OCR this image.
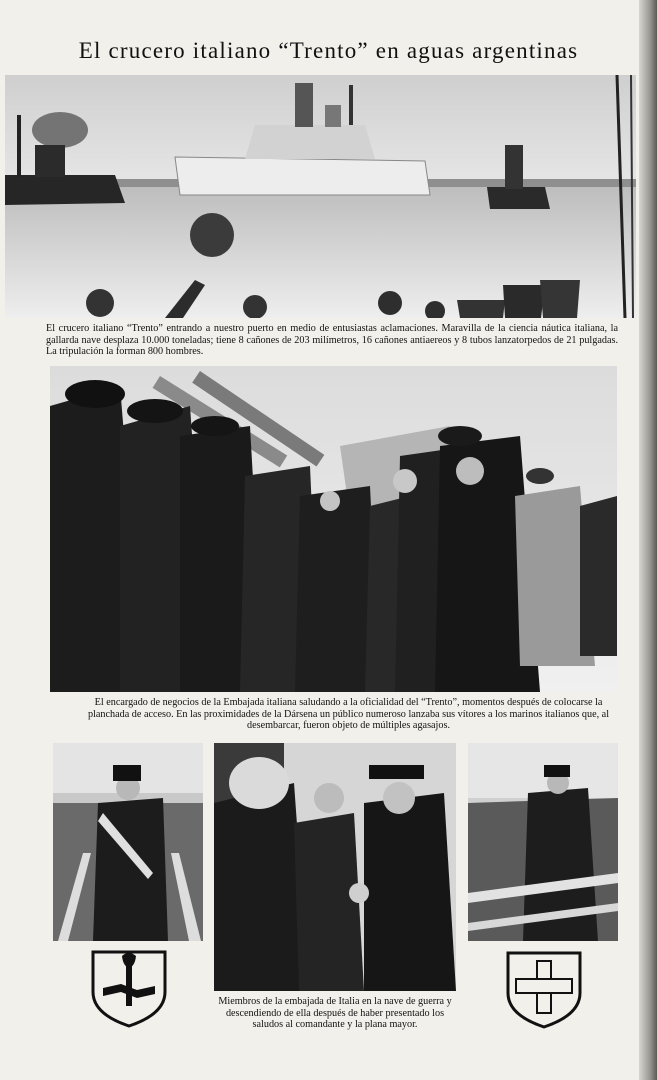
El crucero italiano “Trento” en aguas argentinas
El crucero italiano “Trento” entrando a nuestro puerto en medio de entusiastas aclamaciones. Maravilla de la ciencia náutica italiana, la gallarda nave desplaza 10.000 toneladas; tiene 8 cañones de 203 milímetros, 16 cañones antiaereos y 8 tubos lanzatorpedos de 21 pulgadas. La tripulación la forman 800 hombres.
El encargado de negocios de la Embajada italiana saludando a la oficialidad del “Trento”, momentos después de colocarse la planchada de acceso. En las proximidades de la Dársena un público numeroso lanzaba sus vítores a los marinos italianos que, al desembarcar, fueron objeto de múltiples agasajos.
Miembros de la embajada de Italia en la nave de guerra y descendiendo de ella después de haber presentado los saludos al comandante y la plana mayor.
